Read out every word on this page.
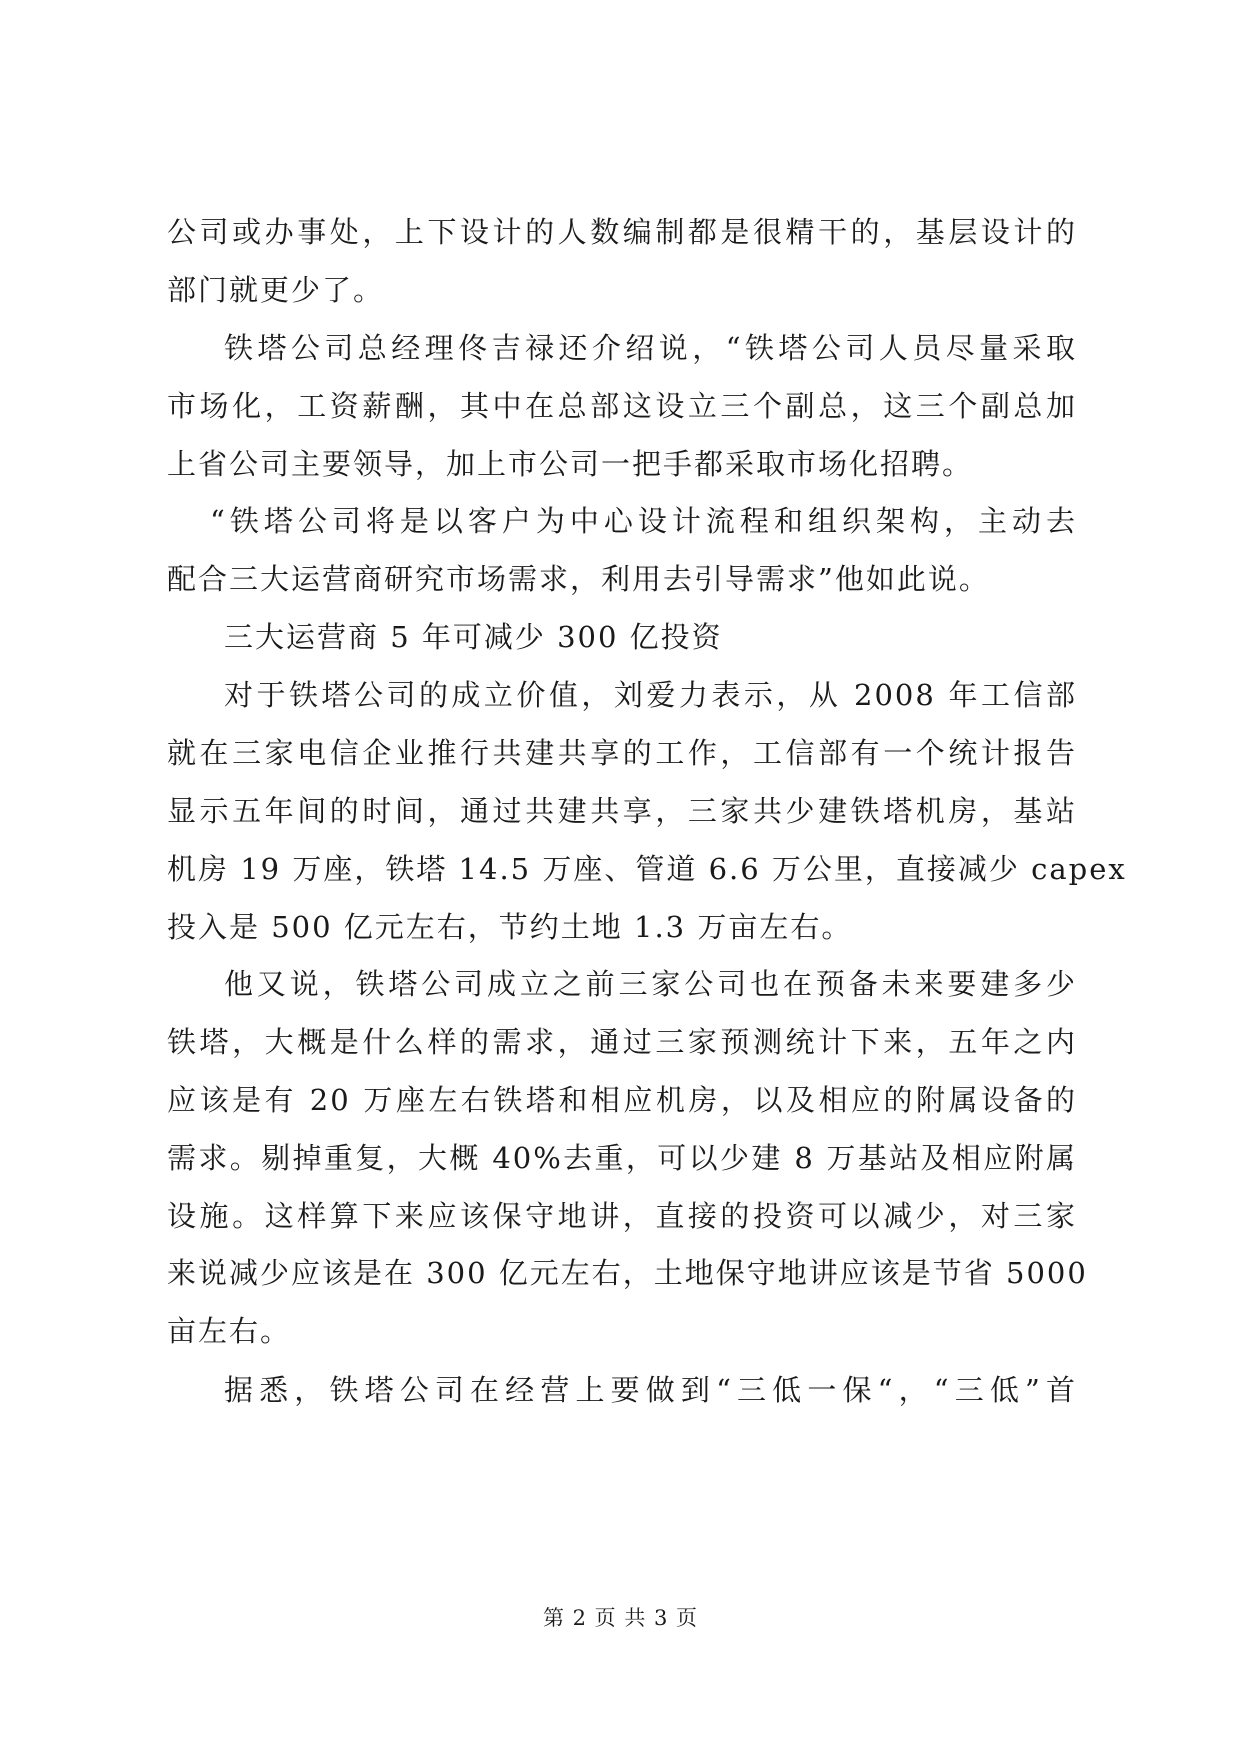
公司或办事处，上下设计的人数编制都是很精干的，基层设计的
部门就更少了。
铁塔公司总经理佟吉禄还介绍说，“铁塔公司人员尽量采取
市场化，工资薪酬，其中在总部这设立三个副总，这三个副总加
上省公司主要领导，加上市公司一把手都采取市场化招聘。
“铁塔公司将是以客户为中心设计流程和组织架构，主动去
配合三大运营商研究市场需求，利用去引导需求”他如此说。
三大运营商 5 年可减少 300 亿投资
对于铁塔公司的成立价值，刘爱力表示，从 2008 年工信部
就在三家电信企业推行共建共享的工作，工信部有一个统计报告
显示五年间的时间，通过共建共享，三家共少建铁塔机房，基站
机房 19 万座，铁塔 14.5 万座、管道 6.6 万公里，直接减少 capex
投入是 500 亿元左右，节约土地 1.3 万亩左右。
他又说，铁塔公司成立之前三家公司也在预备未来要建多少
铁塔，大概是什么样的需求，通过三家预测统计下来，五年之内
应该是有 20 万座左右铁塔和相应机房，以及相应的附属设备的
需求。剔掉重复，大概 40%去重，可以少建 8 万基站及相应附属
设施。这样算下来应该保守地讲，直接的投资可以减少，对三家
来说减少应该是在 300 亿元左右，土地保守地讲应该是节省 5000
亩左右。
据悉，铁塔公司在经营上要做到“三低一保“，“三低”首
第 2 页 共 3 页
